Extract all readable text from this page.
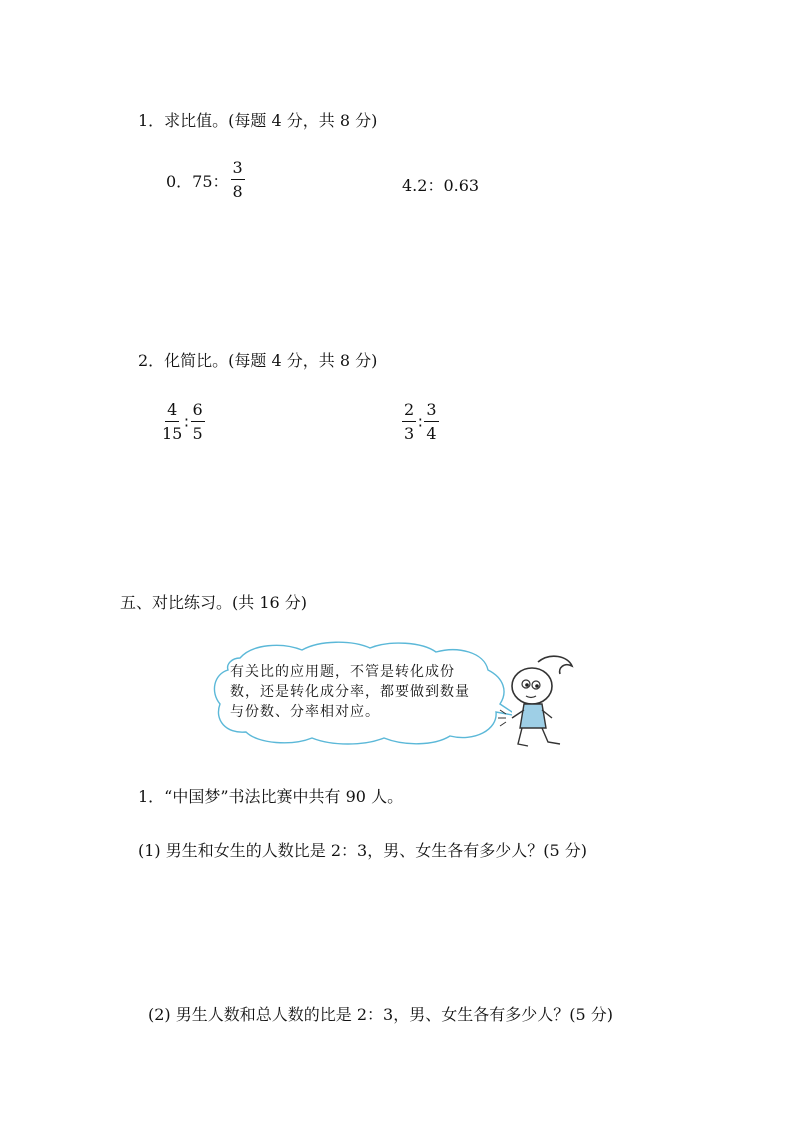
1．求比值。(每题 4 分，共 8 分)
0．75： $\frac{3}{8}$	4.2：0.63
2．化简比。(每题 4 分，共 8 分)
$\frac{4}{15}$ ∶ $\frac{6}{5}$	$\frac{2}{3}$ ∶ $\frac{3}{4}$
五、对比练习。(共 16 分)
有关比的应用题，不管是转化成份数，还是转化成分率，都要做到数量与份数、分率相对应。
1．“中国梦”书法比赛中共有 90 人。
(1) 男生和女生的人数比是 2：3，男、女生各有多少人？(5 分)
(2) 男生人数和总人数的比是 2：3，男、女生各有多少人？(5 分)
